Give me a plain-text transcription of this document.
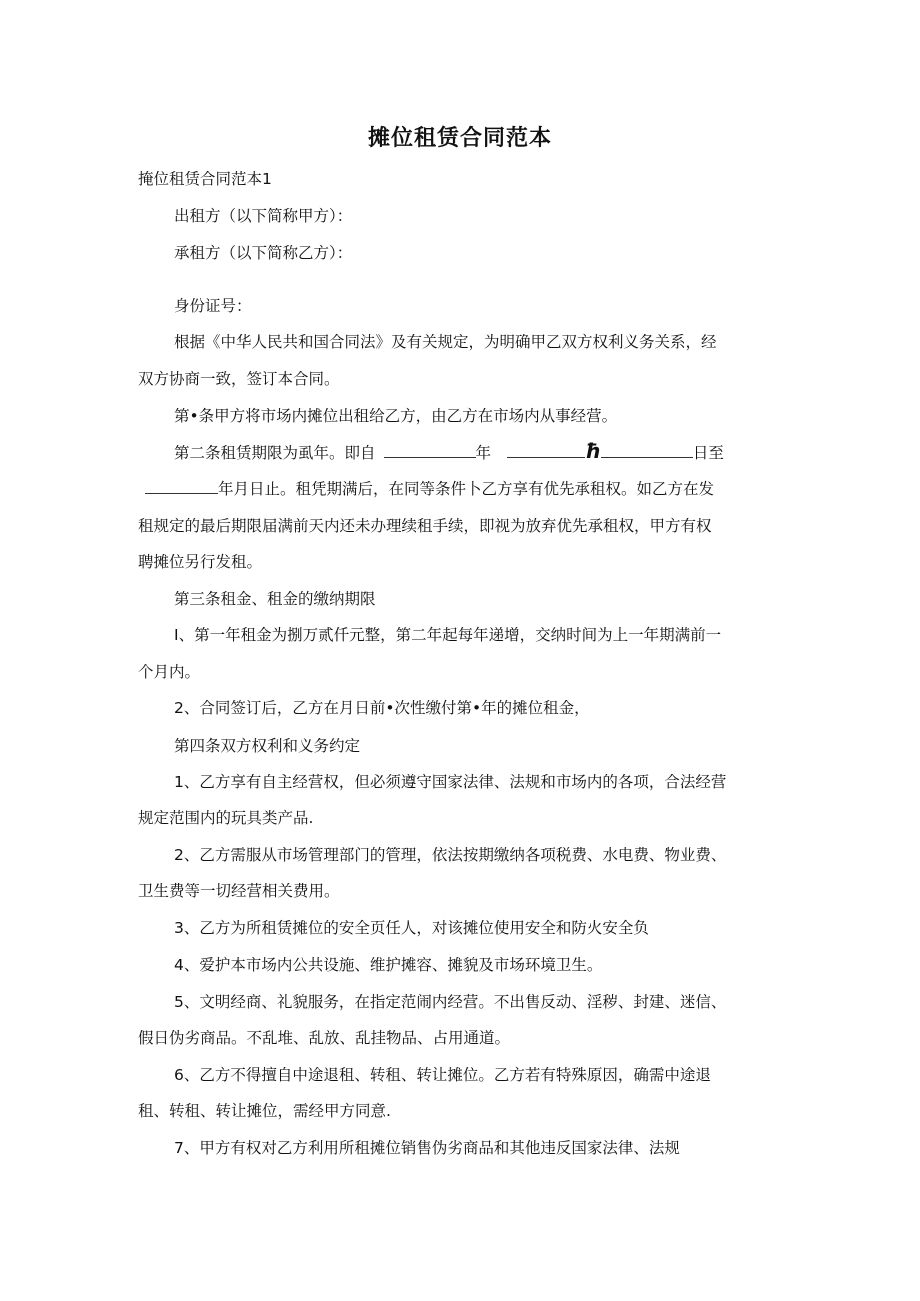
摊位租赁合同范本
掩位租赁合同范本1
出租方（以下简称甲方）：
承租方（以下简称乙方）：
身份证号：
根据《中华人民共和国合同法》及有关规定，为明确甲乙双方权利义务关系，经
双方协商一致，签订本合同。
第•条甲方将市场内摊位出租给乙方，由乙方在市场内从事经营。
第二条租赁期限为虱年。即自	年	ħ	日至
年月日止。租凭期满后，在同等条件卜乙方享有优先承租权。如乙方在发
租规定的最后期限届满前天内还未办理续租手续，即视为放弃优先承租权，甲方有权
聘摊位另行发租。
第三条租金、租金的缴纳期限
I、第一年租金为捌万贰仟元整，第二年起每年递增，交纳时间为上一年期满前一
个月内。
2、合同签订后，乙方在月日前•次性缴付第•年的摊位租金，
第四条双方权利和义务约定
1、乙方享有自主经营权，但必须遵守国家法律、法规和市场内的各项，合法经营
规定范围内的玩具类产品.
2、乙方需服从市场管理部门的管理，依法按期缴纳各项税费、水电费、物业费、
卫生费等一切经营相关费用。
3、乙方为所租赁摊位的安全页任人，对该摊位使用安全和防火安全负
4、爱护本市场内公共设施、维护摊容、摊貌及市场环境卫生。
5、文明经商、礼貌服务，在指定范闹内经营。不出售反动、淫秽、封建、迷信、
假日伪劣商品。不乱堆、乱放、乱挂物品、占用通道。
6、乙方不得擅自中途退租、转租、转让摊位。乙方若有特殊原因，确需中途退
租、转租、转让摊位，需经甲方同意.
7、甲方有权对乙方利用所租摊位销售伪劣商品和其他违反国家法律、法规
